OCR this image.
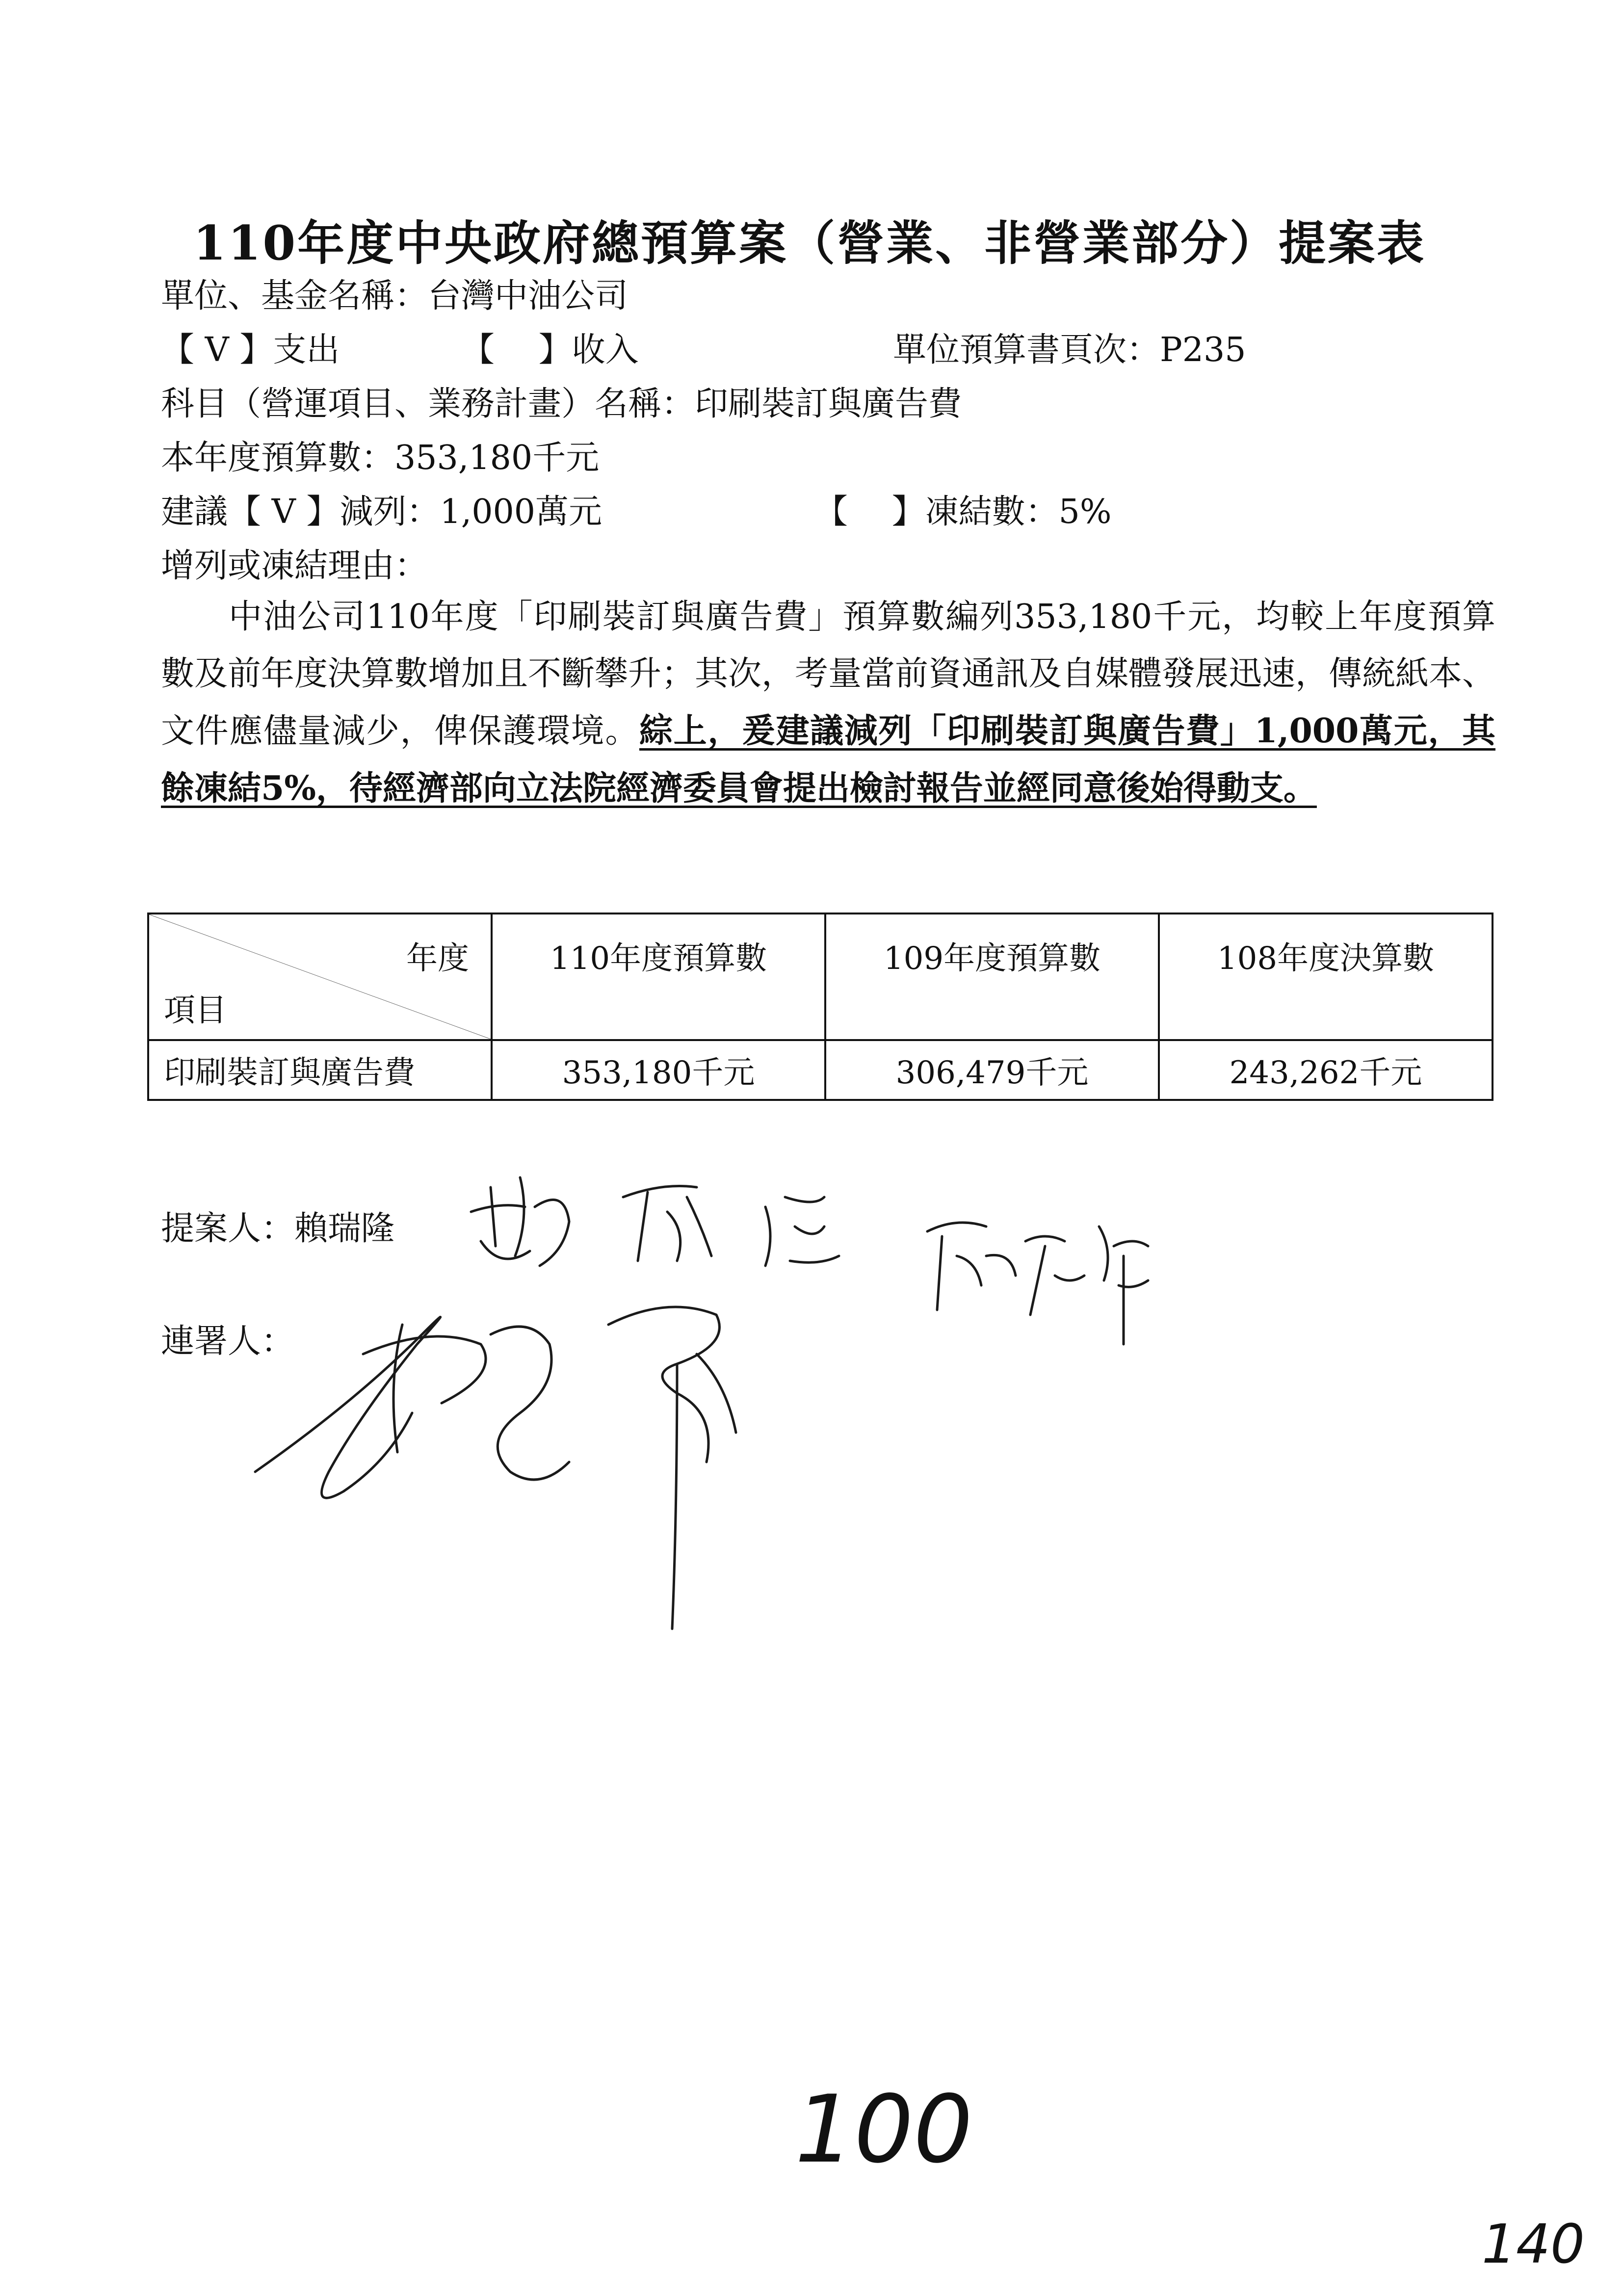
110年度中央政府總預算案（營業、非營業部分）提案表
單位、基金名稱：台灣中油公司
【 V 】支出	【　 】收入	單位預算書頁次：P235
科目（營運項目、業務計畫）名稱：印刷裝訂與廣告費
本年度預算數：353,180千元
建議【 V 】減列：1,000萬元	【　 】凍結數：5%
增列或凍結理由：
中油公司110年度「印刷裝訂與廣告費」預算數編列353,180千元，均較上年度預算數及前年度決算數增加且不斷攀升；其次，考量當前資通訊及自媒體發展迅速，傳統紙本、文件應儘量減少，俾保護環境。綜上，爰建議減列「印刷裝訂與廣告費」1,000萬元，其餘凍結5%，待經濟部向立法院經濟委員會提出檢討報告並經同意後始得動支。
年度
項目	110年度預算數	109年度預算數	108年度決算數
印刷裝訂與廣告費	353,180千元	306,479千元	243,262千元
提案人：賴瑞隆
連署人：
100
140
